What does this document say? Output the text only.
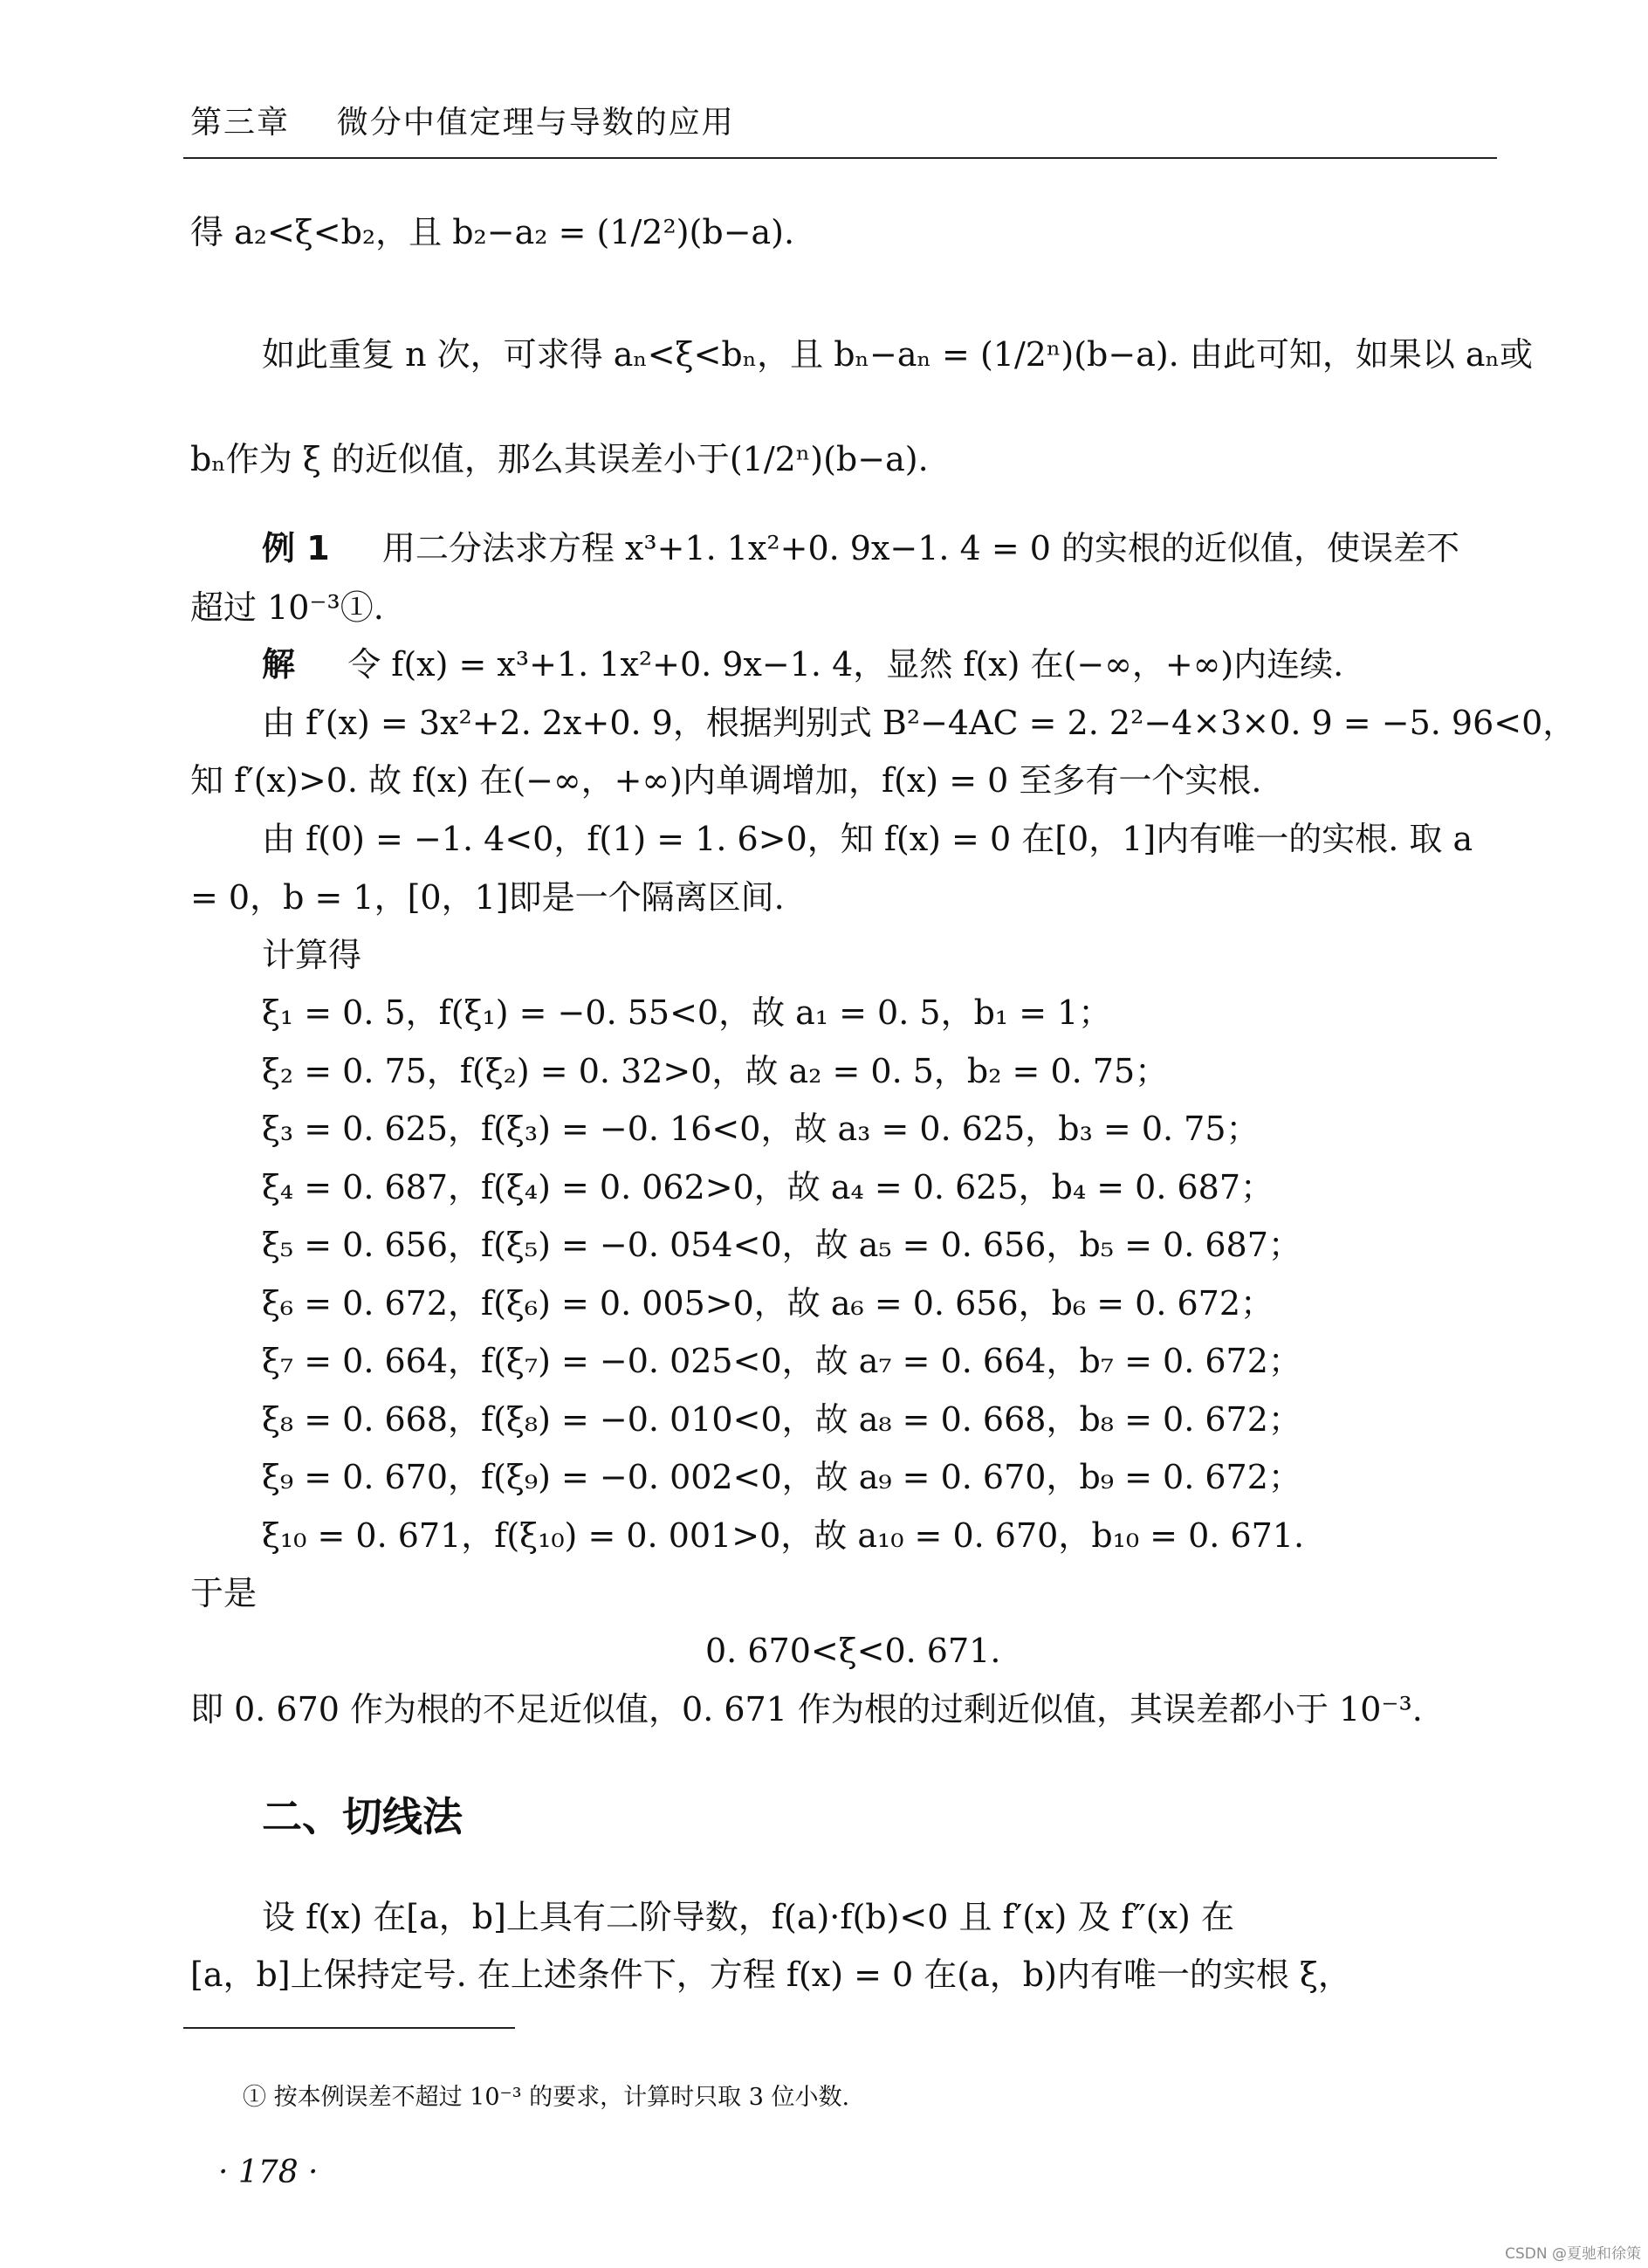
第三章    微分中值定理与导数的应用
得 a₂<ξ<b₂，且 b₂−a₂ = (1/2²)(b−a).
如此重复 n 次，可求得 aₙ<ξ<bₙ，且 bₙ−aₙ = (1/2ⁿ)(b−a). 由此可知，如果以 aₙ或
bₙ作为 ξ 的近似值，那么其误差小于(1/2ⁿ)(b−a).
例 1 用二分法求方程 x³+1. 1x²+0. 9x−1. 4 = 0 的实根的近似值，使误差不
超过 10⁻³①.
解 令 f(x) = x³+1. 1x²+0. 9x−1. 4，显然 f(x) 在(−∞，+∞)内连续.
由 f′(x) = 3x²+2. 2x+0. 9，根据判别式 B²−4AC = 2. 2²−4×3×0. 9 = −5. 96<0，
知 f′(x)>0. 故 f(x) 在(−∞，+∞)内单调增加，f(x) = 0 至多有一个实根.
由 f(0) = −1. 4<0，f(1) = 1. 6>0，知 f(x) = 0 在[0，1]内有唯一的实根. 取 a
= 0，b = 1，[0，1]即是一个隔离区间.
计算得
ξ₁ = 0. 5，f(ξ₁) = −0. 55<0，故 a₁ = 0. 5，b₁ = 1；
ξ₂ = 0. 75，f(ξ₂) = 0. 32>0，故 a₂ = 0. 5，b₂ = 0. 75；
ξ₃ = 0. 625，f(ξ₃) = −0. 16<0，故 a₃ = 0. 625，b₃ = 0. 75；
ξ₄ = 0. 687，f(ξ₄) = 0. 062>0，故 a₄ = 0. 625，b₄ = 0. 687；
ξ₅ = 0. 656，f(ξ₅) = −0. 054<0，故 a₅ = 0. 656，b₅ = 0. 687；
ξ₆ = 0. 672，f(ξ₆) = 0. 005>0，故 a₆ = 0. 656，b₆ = 0. 672；
ξ₇ = 0. 664，f(ξ₇) = −0. 025<0，故 a₇ = 0. 664，b₇ = 0. 672；
ξ₈ = 0. 668，f(ξ₈) = −0. 010<0，故 a₈ = 0. 668，b₈ = 0. 672；
ξ₉ = 0. 670，f(ξ₉) = −0. 002<0，故 a₉ = 0. 670，b₉ = 0. 672；
ξ₁₀ = 0. 671，f(ξ₁₀) = 0. 001>0，故 a₁₀ = 0. 670，b₁₀ = 0. 671.
于是
0. 670<ξ<0. 671.
即 0. 670 作为根的不足近似值，0. 671 作为根的过剩近似值，其误差都小于 10⁻³.
二、切线法
设 f(x) 在[a，b]上具有二阶导数，f(a)·f(b)<0 且 f′(x) 及 f″(x) 在
[a，b]上保持定号. 在上述条件下，方程 f(x) = 0 在(a，b)内有唯一的实根 ξ，
① 按本例误差不超过 10⁻³ 的要求，计算时只取 3 位小数.
· 178 ·
CSDN @夏驰和徐策
